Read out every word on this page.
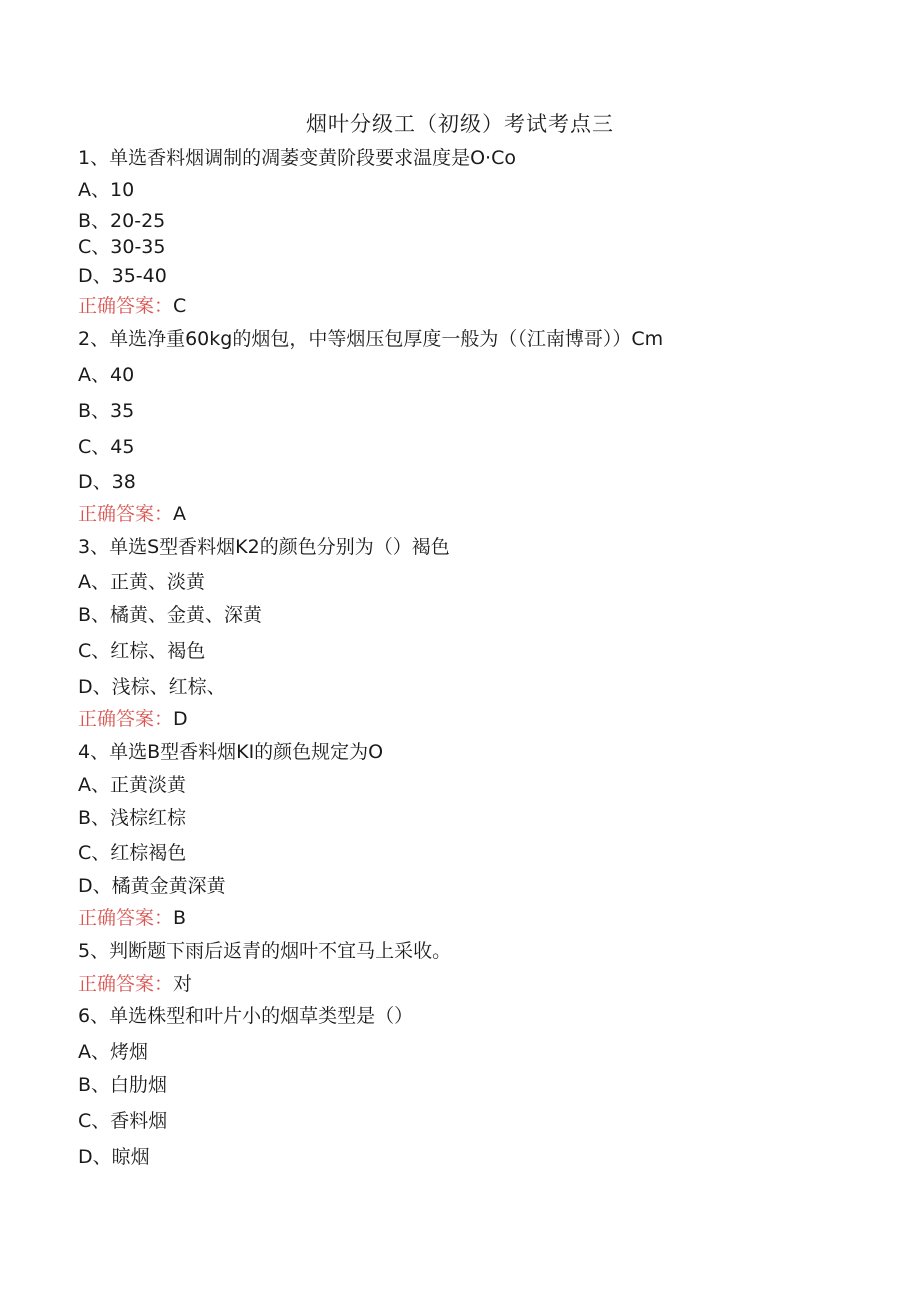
烟叶分级工（初级）考试考点三
1、单选香料烟调制的凋萎变黄阶段要求温度是O·Co
A、10
B、20-25
C、30-35
D、35-40
正确答案：C
2、单选净重60kg的烟包，中等烟压包厚度一般为（（江南博哥））Cm
A、40
B、35
C、45
D、38
正确答案：A
3、单选S型香料烟K2的颜色分别为（）褐色
A、正黄、淡黄
B、橘黄、金黄、深黄
C、红棕、褐色
D、浅棕、红棕、
正确答案：D
4、单选B型香料烟KI的颜色规定为O
A、正黄淡黄
B、浅棕红棕
C、红棕褐色
D、橘黄金黄深黄
正确答案：B
5、判断题下雨后返青的烟叶不宜马上采收。
正确答案：对
6、单选株型和叶片小的烟草类型是（）
A、烤烟
B、白肋烟
C、香料烟
D、晾烟
